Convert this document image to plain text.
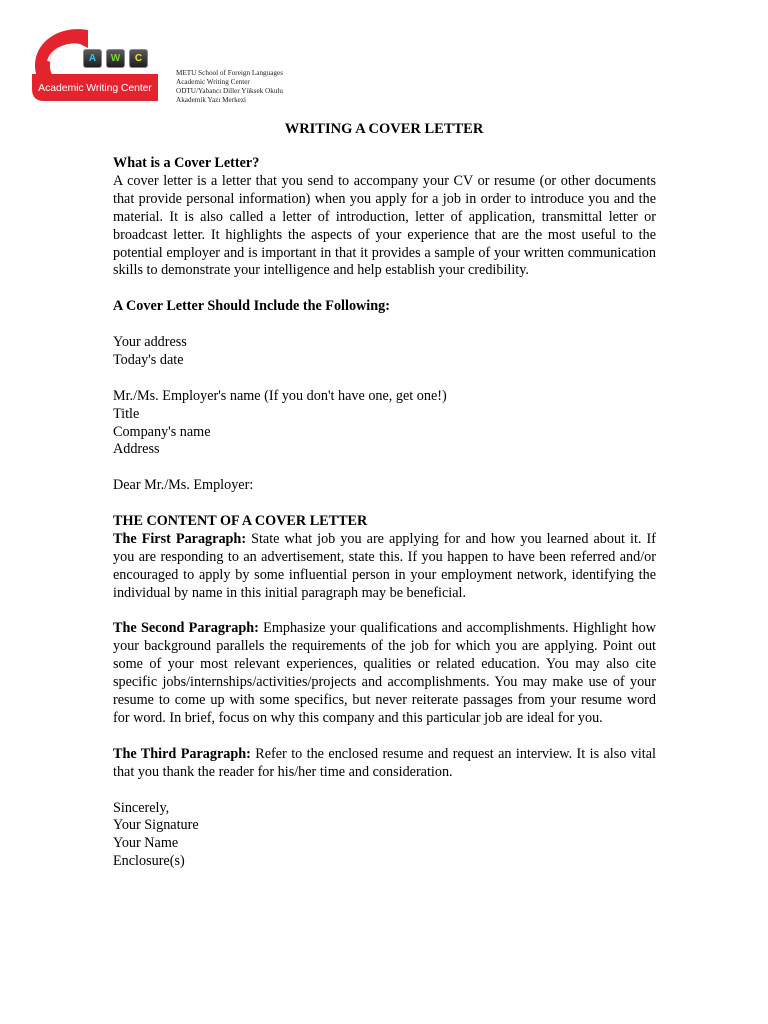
Academic Writing Center
A W C
METU School of Foreign Languages
Academic Writing Center
ODTU/Yabancı Diller Yüksek Okulu
Akademik Yazı Merkezi
WRITING A COVER LETTER

What is a Cover Letter?

A cover letter is a letter that you send to accompany your CV or resume (or other documents that provide personal information) when you apply for a job in order to introduce you and the material. It is also called a letter of introduction, letter of application, transmittal letter or broadcast letter. It highlights the aspects of your experience that are the most useful to the potential employer and is important in that it provides a sample of your written communication skills to demonstrate your intelligence and help establish your credibility.

A Cover Letter Should Include the Following:

Your address

Today's date

Mr./Ms. Employer's name (If you don't have one, get one!)

Title

Company's name

Address

Dear Mr./Ms. Employer:

THE CONTENT OF A COVER LETTER

The First Paragraph: State what job you are applying for and how you learned about it. If you are responding to an advertisement, state this. If you happen to have been referred and/or encouraged to apply by some influential person in your employment network, identifying the individual by name in this initial paragraph may be beneficial.

The Second Paragraph: Emphasize your qualifications and accomplishments. Highlight how your background parallels the requirements of the job for which you are applying. Point out some of your most relevant experiences, qualities or related education. You may also cite specific jobs/internships/activities/projects and accomplishments. You may make use of your resume to come up with some specifics, but never reiterate passages from your resume word for word. In brief, focus on why this company and this particular job are ideal for you.

The Third Paragraph: Refer to the enclosed resume and request an interview. It is also vital that you thank the reader for his/her time and consideration.

Sincerely,

Your Signature

Your Name

Enclosure(s)
